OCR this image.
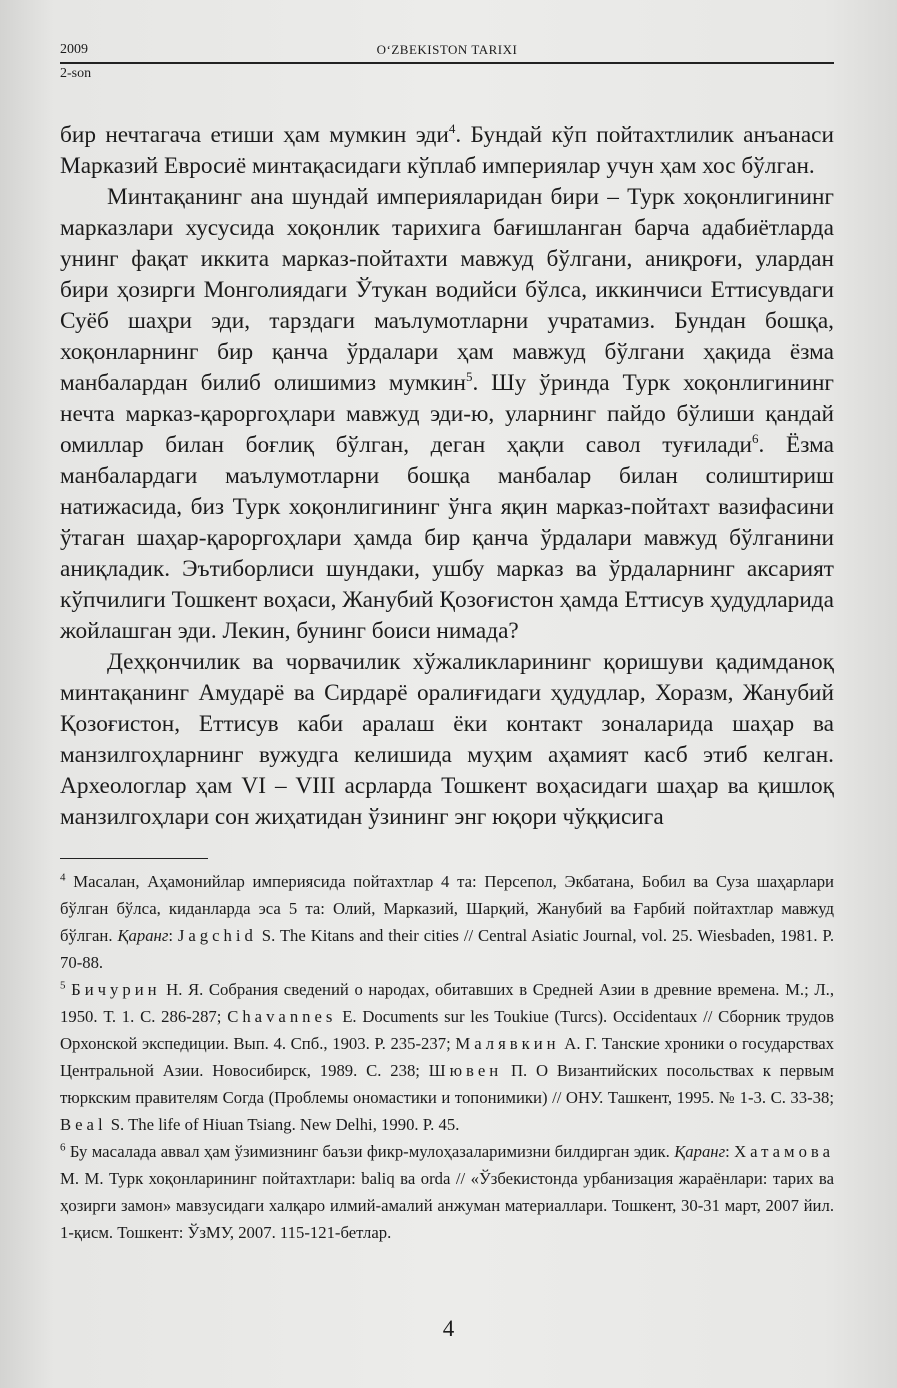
2009	O‘ZBEKISTON TARIXI
2-son

бир нечтагача етиши ҳам мумкин эди$^4$. Бундай кўп пойтахтлилик анъанаси Марказий Евросиё минтақасидаги кўплаб империялар учун ҳам хос бўлган.

Минтақанинг ана шундай империяларидан бири – Турк хоқонлигининг марказлари хусусида хоқонлик тарихига бағишланган барча адабиётларда унинг фақат иккита марказ-пойтахти мавжуд бўлгани, аниқроғи, улардан бири ҳозирги Монголиядаги Ўтукан водийси бўлса, иккинчиси Еттисувдаги Суёб шаҳри эди, тарздаги маълумотларни учратамиз. Бундан бошқа, хоқонларнинг бир қанча ўрдалари ҳам мавжуд бўлгани ҳақида ёзма манбалардан билиб олишимиз мумкин$^5$. Шу ўринда Турк хоқонлигининг нечта марказ-қароргоҳлари мавжуд эди-ю, уларнинг пайдо бўлиши қандай омиллар билан боғлиқ бўлган, деган ҳақли савол туғилади$^6$. Ёзма манбалардаги маълумотларни бошқа манбалар билан солиштириш натижасида, биз Турк хоқонлигининг ўнга яқин марказ-пойтахт вазифасини ўтаган шаҳар-қароргоҳлари ҳамда бир қанча ўрдалари мавжуд бўлганини аниқладик. Эътиборлиси шундаки, ушбу марказ ва ўрдаларнинг аксарият кўпчилиги Тошкент воҳаси, Жанубий Қозоғистон ҳамда Еттисув ҳудудларида жойлашган эди. Лекин, бунинг боиси нимада?

Деҳқончилик ва чорвачилик хўжаликларининг қоришуви қадимданоқ минтақанинг Амударё ва Сирдарё оралиғидаги ҳудудлар, Хоразм, Жанубий Қозоғистон, Еттисув каби аралаш ёки контакт зоналарида шаҳар ва манзилгоҳларнинг вужудга келишида муҳим аҳамият касб этиб келган. Археологлар ҳам VI – VIII асрларда Тошкент воҳасидаги шаҳар ва қишлоқ манзилгоҳлари сон жиҳатидан ўзининг энг юқори чўққисига

$^4$ Масалан, Аҳамонийлар империясида пойтахтлар 4 та: Персепол, Экбатана, Бобил ва Суза шаҳарлари бўлган бўлса, киданларда эса 5 та: Олий, Марказий, Шарқий, Жанубий ва Ғарбий пойтахтлар мавжуд бўлган. Қаранг: Jagchid S. The Kitans and their cities // Central Asiatic Journal, vol. 25. Wiesbaden, 1981. P. 70-88.

$^5$ Бичурин Н. Я. Собрания сведений о народах, обитавших в Средней Азии в древние времена. М.; Л., 1950. Т. 1. С. 286-287; Chavannes E. Documents sur les Toukiue (Turcs). Occidentaux // Сборник трудов Орхонской экспедиции. Вып. 4. Спб., 1903. Р. 235-237; Малявкин А. Г. Танские хроники о государствах Центральной Азии. Новосибирск, 1989. С. 238; Шювен П. О Византийских посольствах к первым тюркским правителям Согда (Проблемы ономастики и топонимики) // ОНУ. Ташкент, 1995. № 1-3. С. 33-38; Beal S. The life of Hiuan Tsiang. New Delhi, 1990. P. 45.

$^6$ Бу масалада аввал ҳам ўзимизнинг баъзи фикр-мулоҳазаларимизни билдирган эдик. Қаранг: Хатамова М. М. Турк хоқонларининг пойтахтлари: baliq ва orda // «Ўзбекистонда урбанизация жараёнлари: тарих ва ҳозирги замон» мавзусидаги халқаро илмий-амалий анжуман материаллари. Тошкент, 30-31 март, 2007 йил. 1-қисм. Тошкент: ЎзМУ, 2007. 115-121-бетлар.

4
